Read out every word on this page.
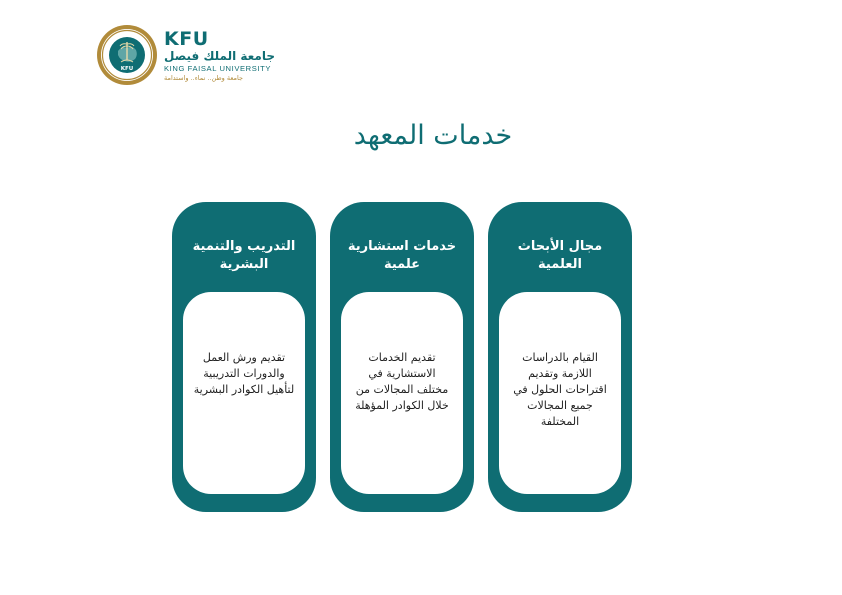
KFU
KFU
جامعة الملك فيصل
KING FAISAL UNIVERSITY
جامعة وطن.. نماء.. واستدامة
خدمات المعهد
مجال الأبحاث العلمية
القيام بالدراسات اللازمة وتقديم اقتراحات الحلول في جميع المجالات المختلفة
خدمات استشارية علمية
تقديم الخدمات الاستشارية في مختلف المجالات من خلال الكوادر المؤهلة
التدريب والتنمية البشرية
تقديم ورش العمل والدورات التدريبية لتأهيل الكوادر البشرية
